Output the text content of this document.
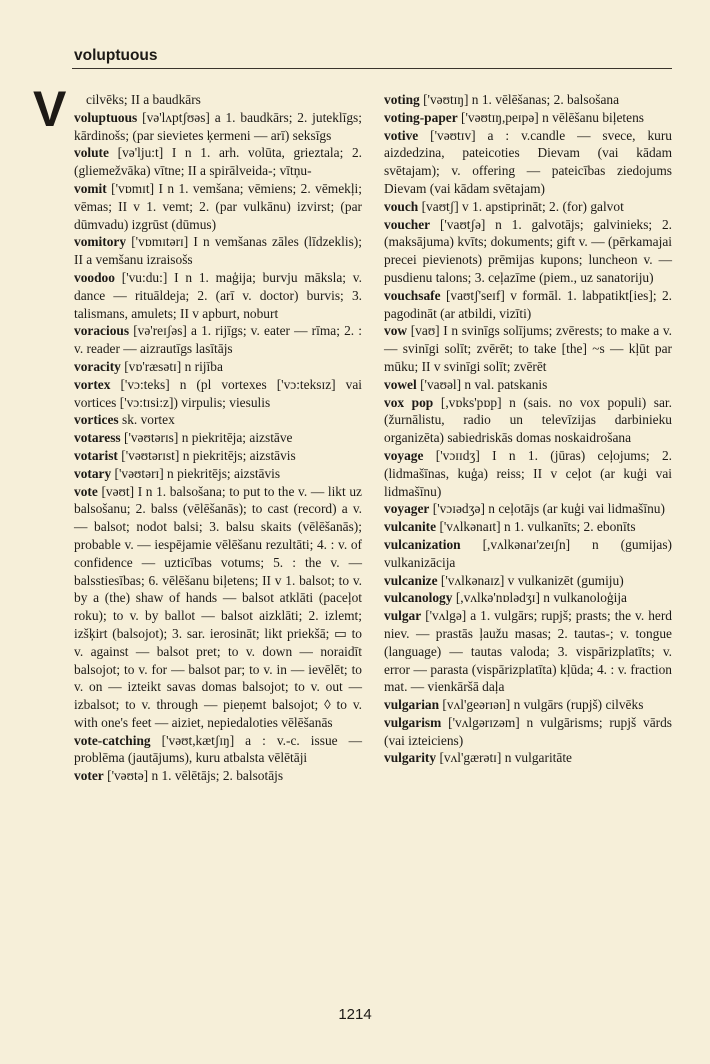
voluptuous
V	cilvēks; II a baudkārs

voluptuous [və'lʌptʃʊəs] a 1. baudkārs; 2. juteklīgs; kārdinošs; (par sievietes ķermeni — arī) seksīgs

volute [və'lju:t] I n 1. arh. volūta, grieztala; 2. (gliemežvāka) vītne; II a spirālveida-; vītņu-

vomit ['vɒmɪt] I n 1. vemšana; vēmiens; 2. vēmekļi; vēmas; II v 1. vemt; 2. (par vulkānu) izvirst; (par dūmvadu) izgrūst (dūmus)

vomitory ['vɒmɪtərɪ] I n vemšanas zāles (līdzeklis); II a vemšanu izraisošs

voodoo ['vu:du:] I n 1. maģija; burvju māksla; v. dance — rituāldeja; 2. (arī v. doctor) burvis; 3. talismans, amulets; II v apburt, noburt

voracious [və'reɪʃəs] a 1. rijīgs; v. eater — rīma; 2. : v. reader — aizrautīgs lasītājs

voracity [vɒ'ræsətɪ] n rijība

vortex ['vɔ:teks] n (pl vortexes ['vɔ:teksɪz] vai vortices ['vɔ:tɪsi:z]) virpulis; viesulis

vortices sk. vortex

votaress ['vəʊtərɪs] n piekritēja; aizstāve

votarist ['vəʊtərɪst] n piekritējs; aizstāvis

votary ['vəʊtərɪ] n piekritējs; aizstāvis

vote [vəʊt] I n 1. balsošana; to put to the v. — likt uz balsošanu; 2. balss (vēlēšanās); to cast (record) a v. — balsot; nodot balsi; 3. balsu skaits (vēlēšanās); probable v. — iespējamie vēlēšanu rezultāti; 4. : v. of confidence — uzticības votums; 5. : the v. — balsstiesības; 6. vēlēšanu biļetens; II v 1. balsot; to v. by a (the) shaw of hands — balsot atklāti (paceļot roku); to v. by ballot — balsot aizklāti; 2. izlemt; izšķirt (balsojot); 3. sar. ierosināt; likt priekšā; ▭ to v. against — balsot pret; to v. down — noraidīt balsojot; to v. for — balsot par; to v. in — ievēlēt; to v. on — izteikt savas domas balsojot; to v. out — izbalsot; to v. through — pieņemt balsojot; ◊ to v. with one's feet — aiziet, nepiedaloties vēlēšanās

vote-catching ['vəʊt,kætʃɪŋ] a : v.-c. issue — problēma (jautājums), kuru atbalsta vēlētāji

voter ['vəʊtə] n 1. vēlētājs; 2. balsotājs

voting ['vəʊtɪŋ] n 1. vēlēšanas; 2. balsošana

voting-paper ['vəʊtɪŋ,peɪpə] n vēlēšanu biļetens

votive ['vəʊtɪv] a : v.candle — svece, kuru aizdedzina, pateicoties Dievam (vai kādam svētajam); v. offering — pateicības ziedojums Dievam (vai kādam svētajam)

vouch [vaʊtʃ] v 1. apstiprināt; 2. (for) galvot

voucher ['vaʊtʃə] n 1. galvotājs; galvinieks; 2. (maksājuma) kvīts; dokuments; gift v. — (pērkamajai precei pievienots) prēmijas kupons; luncheon v. — pusdienu talons; 3. ceļazīme (piem., uz sanatoriju)

vouchsafe [vaʊtʃ'seɪf] v formāl. 1. labpatikt[ies]; 2. pagodināt (ar atbildi, vizīti)

vow [vaʊ] I n svinīgs solījums; zvērests; to make a v. — svinīgi solīt; zvērēt; to take [the] ~s — kļūt par mūku; II v svinīgi solīt; zvērēt

vowel ['vaʊəl] n val. patskanis

vox pop [,vɒks'pɒp] n (sais. no vox populi) sar. (žurnālistu, radio un televīzijas darbinieku organizēta) sabiedriskās domas noskaidrošana

voyage ['vɔɪɪdʒ] I n 1. (jūras) ceļojums; 2. (lidmašīnas, kuģa) reiss; II v ceļot (ar kuģi vai lidmašīnu)

voyager ['vɔɪədʒə] n ceļotājs (ar kuģi vai lidmašīnu)

vulcanite ['vʌlkənaɪt] n 1. vulkanīts; 2. ebonīts

vulcanization [,vʌlkənaɪ'zeɪʃn] n (gumijas) vulkanizācija

vulcanize ['vʌlkənaɪz] v vulkanizēt (gumiju)

vulcanology [,vʌlkə'nɒlədʒɪ] n vulkanoloģija

vulgar ['vʌlgə] a 1. vulgārs; rupjš; prasts; the v. herd niev. — prastās ļaužu masas; 2. tautas-; v. tongue (language) — tautas valoda; 3. vispārizplatīts; v. error — parasta (vispārizplatīta) kļūda; 4. : v. fraction mat. — vienkāršā daļa

vulgarian [vʌl'geərɪən] n vulgārs (rupjš) cilvēks

vulgarism ['vʌlgərɪzəm] n vulgārisms; rupjš vārds (vai izteiciens)

vulgarity [vʌl'gærətɪ] n vulgaritāte

1214
